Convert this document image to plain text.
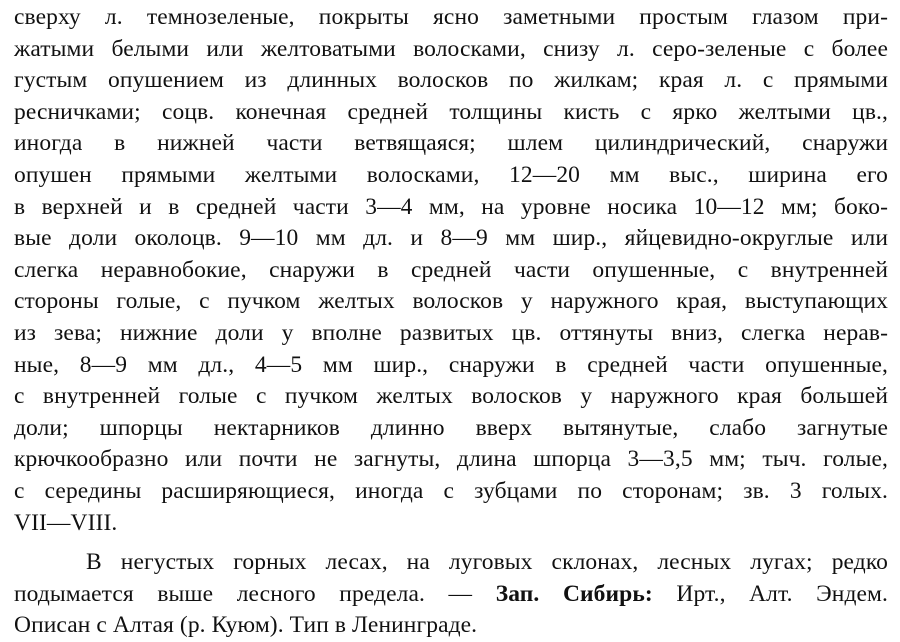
сверху л. темнозеленые, покрыты ясно заметными простым глазом при-
жатыми белыми или желтоватыми волосками, снизу л. серо-зеленые с более
густым опушением из длинных волосков по жилкам; края л. с прямыми
ресничками; соцв. конечная средней толщины кисть с ярко желтыми цв.,
иногда в нижней части ветвящаяся; шлем цилиндрический, снаружи
опушен прямыми желтыми волосками, 12—20 мм выс., ширина его
в верхней и в средней части 3—4 мм, на уровне носика 10—12 мм; боко-
вые доли околоцв. 9—10 мм дл. и 8—9 мм шир., яйцевидно-округлые или
слегка неравнобокие, снаружи в средней части опушенные, с внутренней
стороны голые, с пучком желтых волосков у наружного края, выступающих
из зева; нижние доли у вполне развитых цв. оттянуты вниз, слегка нерав-
ные, 8—9 мм дл., 4—5 мм шир., снаружи в средней части опушенные,
с внутренней голые с пучком желтых волосков у наружного края большей
доли; шпорцы нектарников длинно вверх вытянутые, слабо загнутые
крючкообразно или почти не загнуты, длина шпорца 3—3,5 мм; тыч. голые,
с середины расширяющиеся, иногда с зубцами по сторонам; зв. 3 голых.
VII—VIII.
В негустых горных лесах, на луговых склонах, лесных лугах; редко
подымается выше лесного предела. — Зап. Сибирь: Ирт., Алт. Эндем.
Описан с Алтая (р. Куюм). Тип в Ленинграде.
